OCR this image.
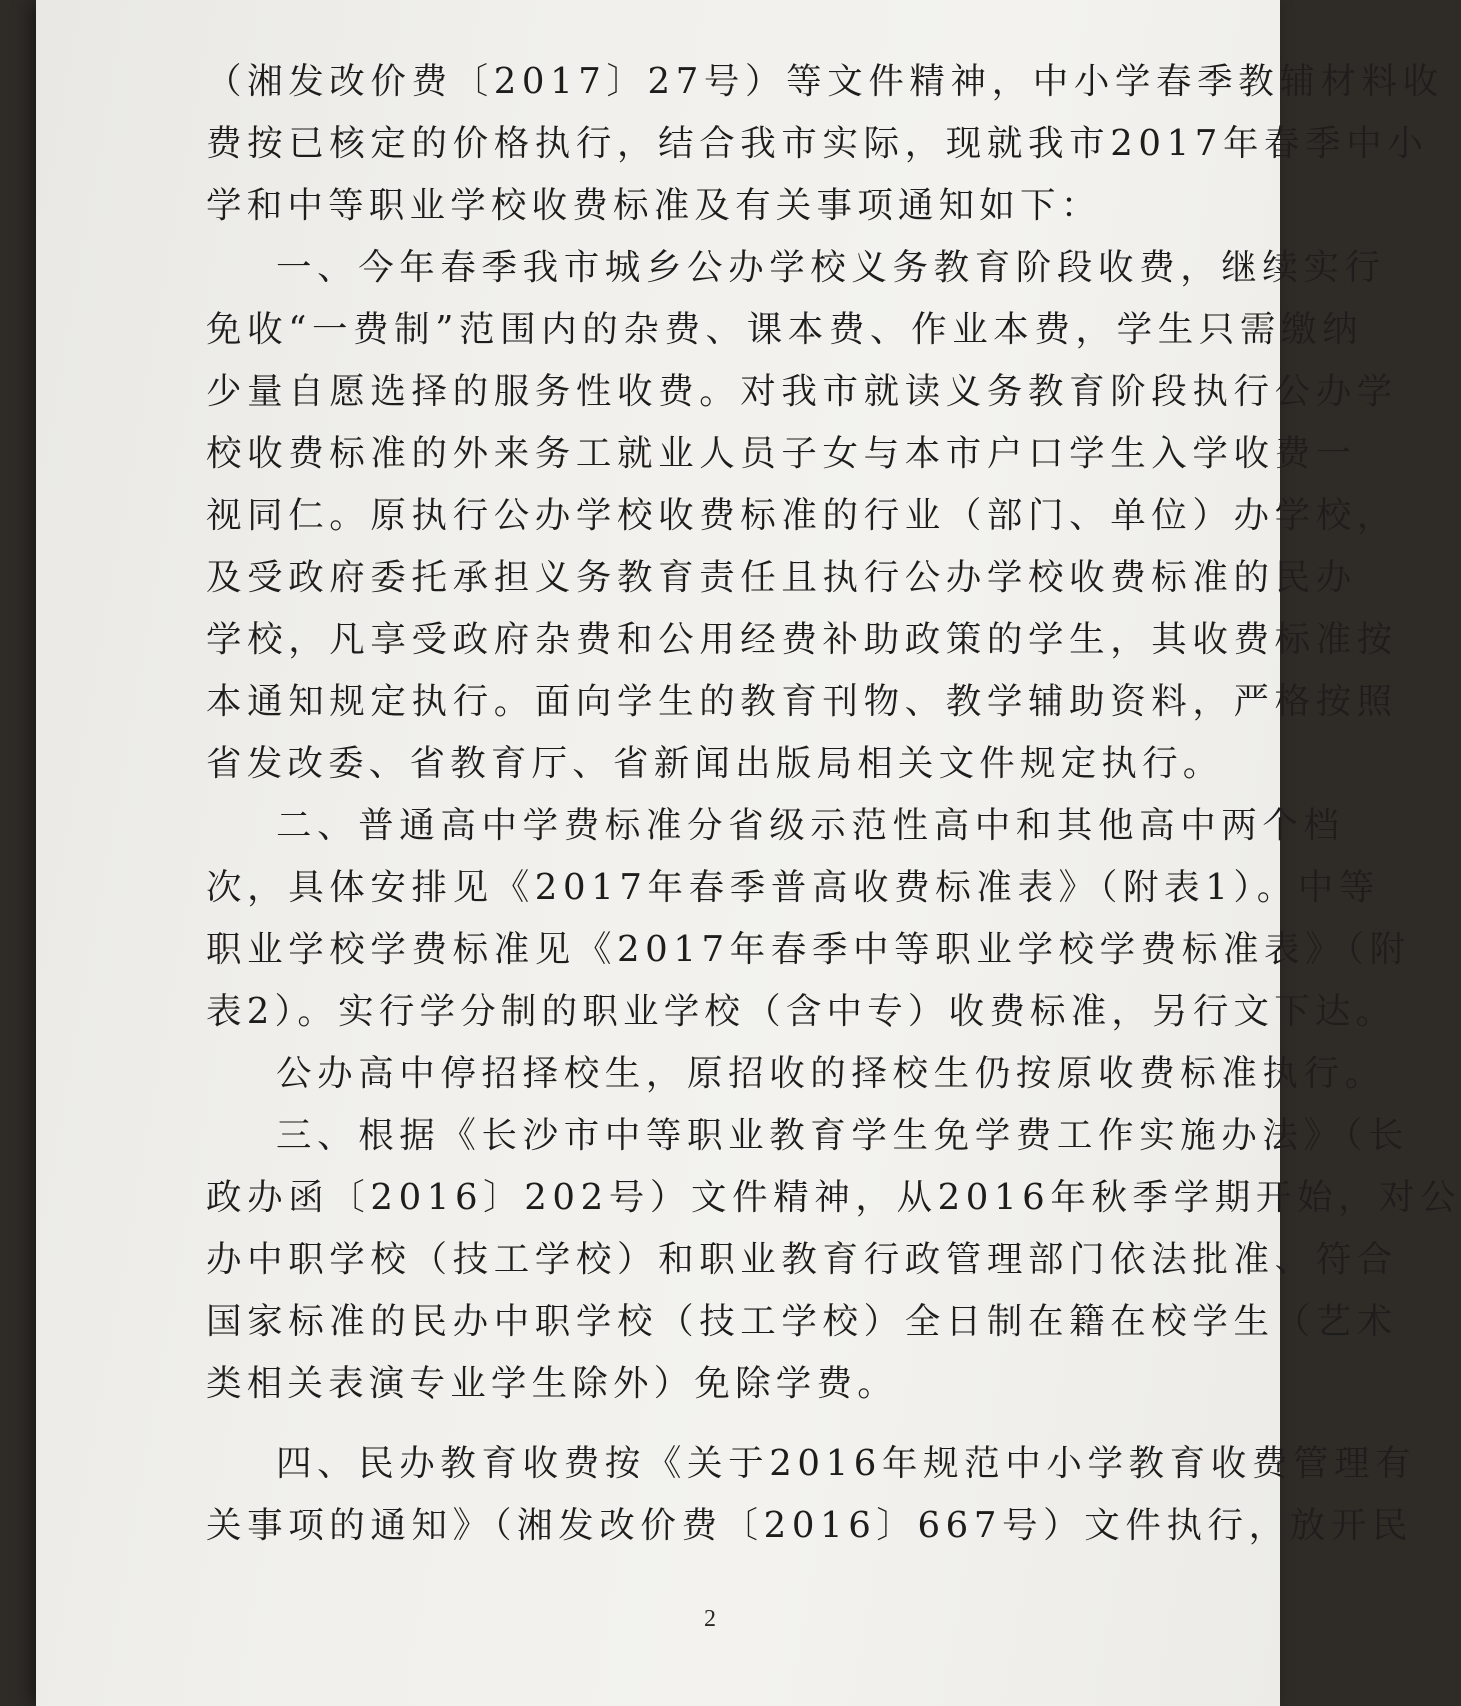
（湘发改价费〔2017〕27号）等文件精神，中小学春季教辅材料收
费按已核定的价格执行，结合我市实际，现就我市2017年春季中小
学和中等职业学校收费标准及有关事项通知如下：
一、今年春季我市城乡公办学校义务教育阶段收费，继续实行
免收“一费制”范围内的杂费、课本费、作业本费，学生只需缴纳
少量自愿选择的服务性收费。对我市就读义务教育阶段执行公办学
校收费标准的外来务工就业人员子女与本市户口学生入学收费一
视同仁。原执行公办学校收费标准的行业（部门、单位）办学校，
及受政府委托承担义务教育责任且执行公办学校收费标准的民办
学校，凡享受政府杂费和公用经费补助政策的学生，其收费标准按
本通知规定执行。面向学生的教育刊物、教学辅助资料，严格按照
省发改委、省教育厅、省新闻出版局相关文件规定执行。
二、普通高中学费标准分省级示范性高中和其他高中两个档
次，具体安排见《2017年春季普高收费标准表》（附表1）。中等
职业学校学费标准见《2017年春季中等职业学校学费标准表》（附
表2）。实行学分制的职业学校（含中专）收费标准，另行文下达。
公办高中停招择校生，原招收的择校生仍按原收费标准执行。
三、根据《长沙市中等职业教育学生免学费工作实施办法》（长
政办函〔2016〕202号）文件精神，从2016年秋季学期开始，对公
办中职学校（技工学校）和职业教育行政管理部门依法批准、符合
国家标准的民办中职学校（技工学校）全日制在籍在校学生（艺术
类相关表演专业学生除外）免除学费。
四、民办教育收费按《关于2016年规范中小学教育收费管理有
关事项的通知》（湘发改价费〔2016〕667号）文件执行，放开民
2
